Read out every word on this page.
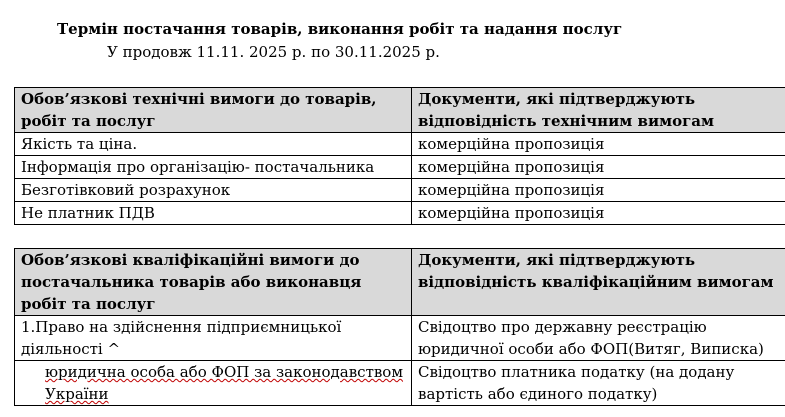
Термін постачання товарів, виконання робіт та надання послуг
У продовж 11.11. 2025 р. по 30.11.2025 р.
Обов’язкові технічні вимоги до товарів, робіт та послуг	Документи, які підтверджують відповідність технічним вимогам
Якість та ціна.	комерційна пропозиція
Інформація про організацію- постачальника	комерційна пропозиція
Безготівковий розрахунок	комерційна пропозиція
Не платник ПДВ	комерційна пропозиція
Обов’язкові кваліфікаційні вимоги до постачальника товарів або виконавця робіт та послуг	Документи, які підтверджують відповідність кваліфікаційним вимогам
1.Право на здійснення підприємницької діяльності ^	Свідоцтво про державну реєстрацію юридичної особи або ФОП(Витяг, Виписка)
юридична особа або ФОП за законодавством України	Свідоцтво платника податку (на додану вартість або єдиного податку)
